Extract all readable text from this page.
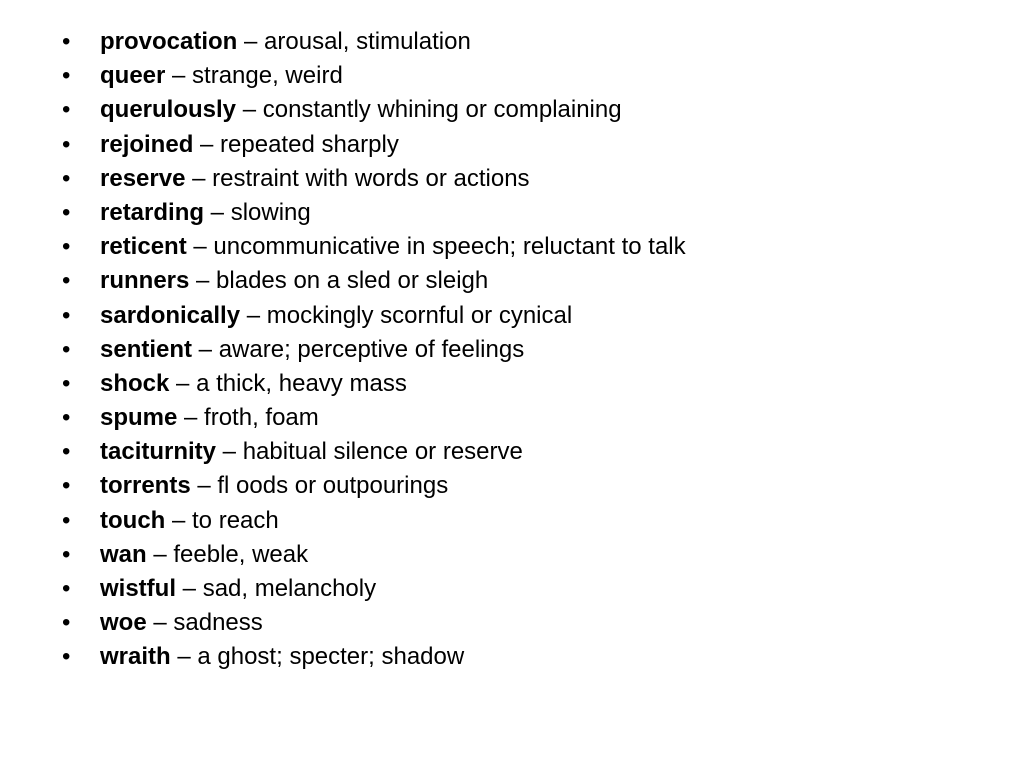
• provocation – arousal, stimulation
• queer – strange, weird
• querulously – constantly whining or complaining
• rejoined – repeated sharply
• reserve – restraint with words or actions
• retarding – slowing
• reticent – uncommunicative in speech; reluctant to talk
• runners – blades on a sled or sleigh
• sardonically – mockingly scornful or cynical
• sentient – aware; perceptive of feelings
• shock – a thick, heavy mass
• spume – froth, foam
• taciturnity – habitual silence or reserve
• torrents – fl oods or outpourings
• touch – to reach
• wan – feeble, weak
• wistful – sad, melancholy
• woe – sadness
• wraith – a ghost; specter; shadow
